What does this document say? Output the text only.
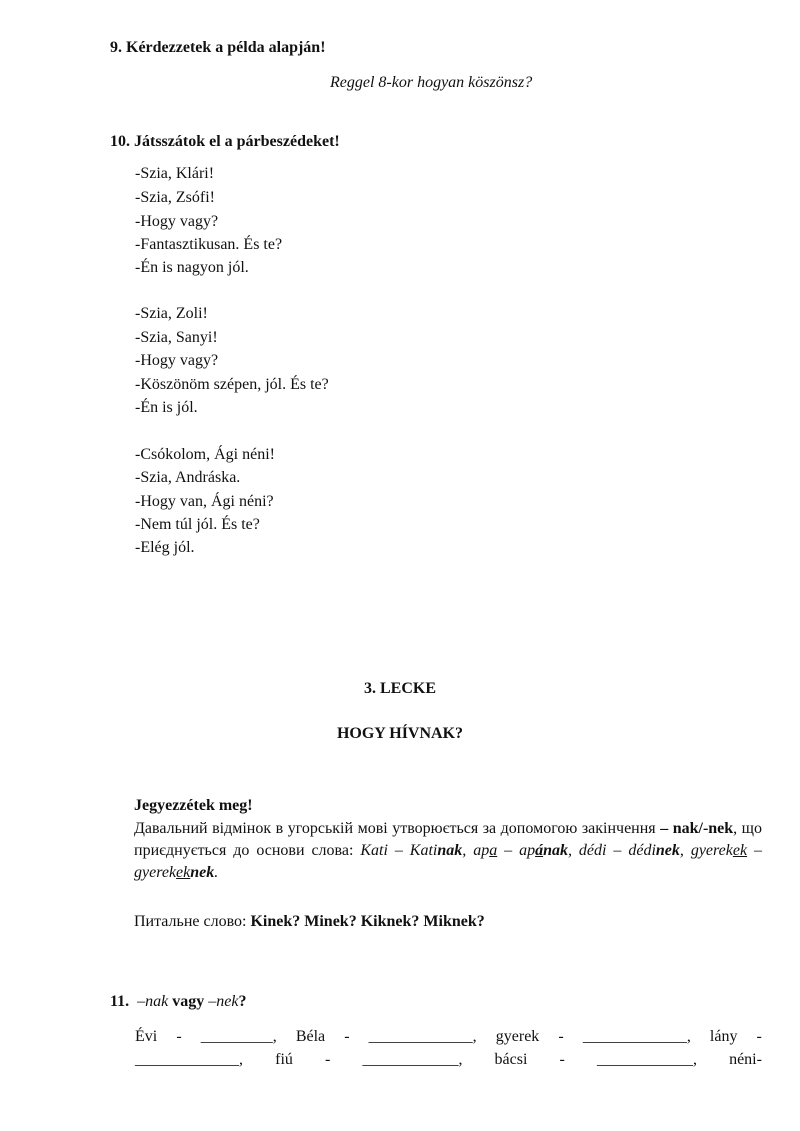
9. Kérdezzetek a példa alapján!
Reggel 8-kor hogyan köszönsz?
10. Játsszátok el a párbeszédeket!
-Szia, Klári!
-Szia, Zsófi!
-Hogy vagy?
-Fantasztikusan. És te?
-Én is nagyon jól.
-Szia, Zoli!
-Szia, Sanyi!
-Hogy vagy?
-Köszönöm szépen, jól. És te?
-Én is jól.
-Csókolom, Ági néni!
-Szia, Andráska.
-Hogy van, Ági néni?
-Nem túl jól. És te?
-Elég jól.
3. LECKE
HOGY HÍVNAK?
Jegyezzétek meg!
Давальний відмінок в угорській мові утворюється за допомогою закінчення – nak/-nek, що приєднується до основи слова: Kati – Katinak, apa – apának, dédi – dédinek, gyerekek – gyerekeknek.
Питальне слово: Kinek? Minek? Kiknek? Miknek?
11. –nak vagy –nek?
Évi - _________, Béla - _____________, gyerek - _____________, lány -
_____________, fiú - ____________, bácsi - ____________, néni-
